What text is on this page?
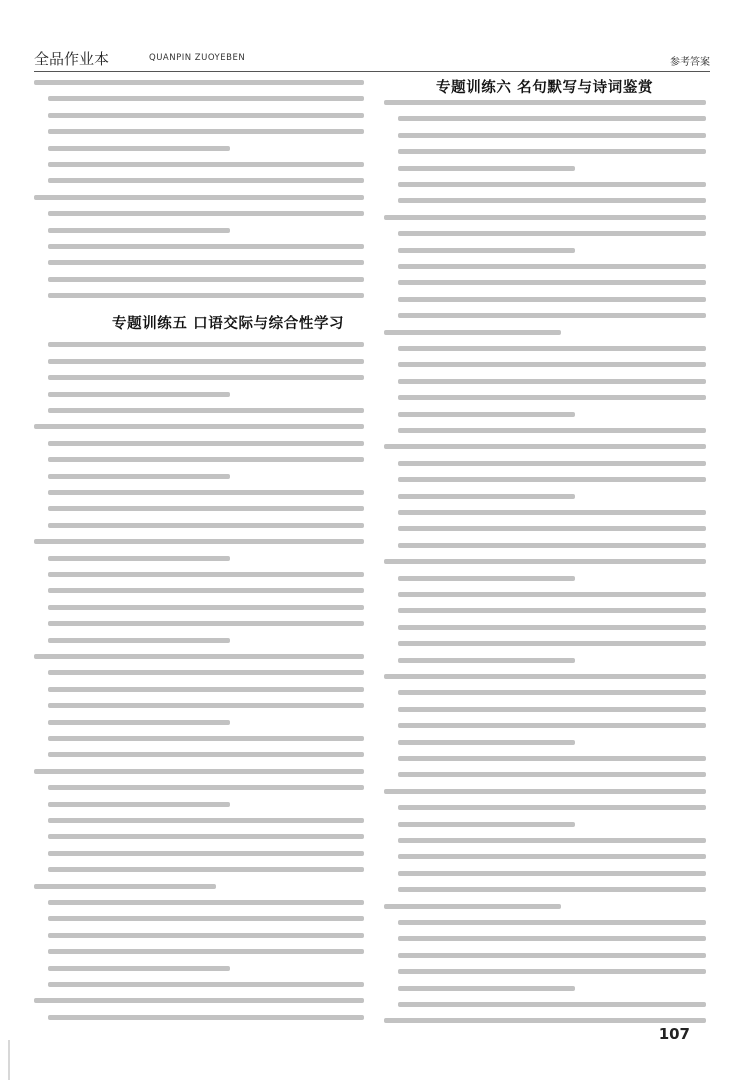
全品作业本	QUANPIN ZUOYEBEN	参考答案
专题训练五 口语交际与综合性学习
专题训练六 名句默写与诗词鉴赏
107
